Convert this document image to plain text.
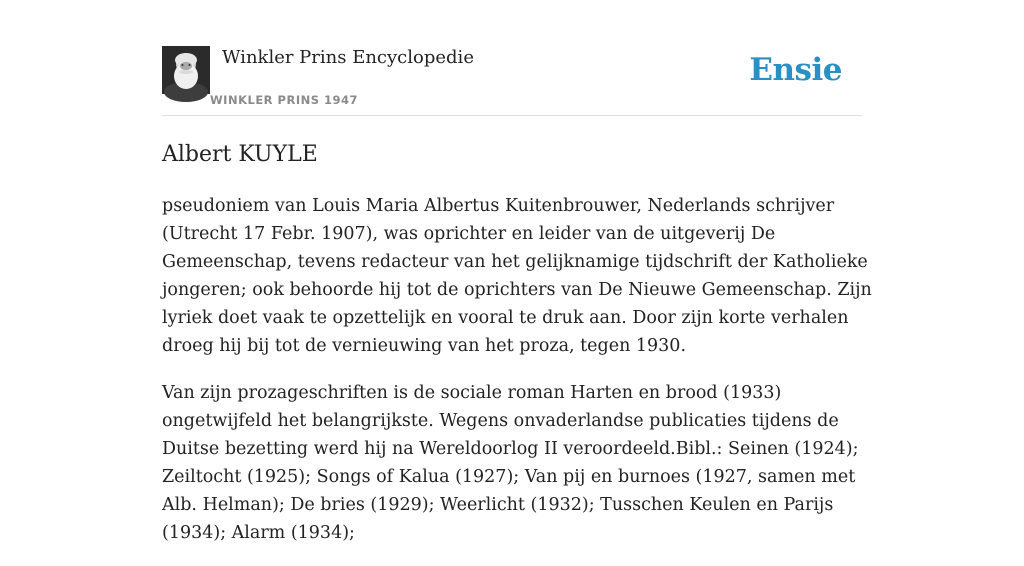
Winkler Prins Encyclopedie
WINKLER PRINS 1947
Ensie
Albert KUYLE

pseudoniem van Louis Maria Albertus Kuitenbrouwer, Nederlands schrijver (Utrecht 17 Febr. 1907), was oprichter en leider van de uitgeverij De Gemeenschap, tevens redacteur van het gelijknamige tijdschrift der Katholieke jongeren; ook behoorde hij tot de oprichters van De Nieuwe Gemeenschap. Zijn lyriek doet vaak te opzettelijk en vooral te druk aan. Door zijn korte verhalen droeg hij bij tot de vernieuwing van het proza, tegen 1930.

Van zijn prozageschriften is de sociale roman Harten en brood (1933) ongetwijfeld het belangrijkste. Wegens onvaderlandse publicaties tijdens de Duitse bezetting werd hij na Wereldoorlog II veroordeeld.Bibl.: Seinen (1924); Zeiltocht (1925); Songs of Kalua (1927); Van pij en burnoes (1927, samen met Alb. Helman); De bries (1929); Weerlicht (1932); Tusschen Keulen en Parijs (1934); Alarm (1934);
